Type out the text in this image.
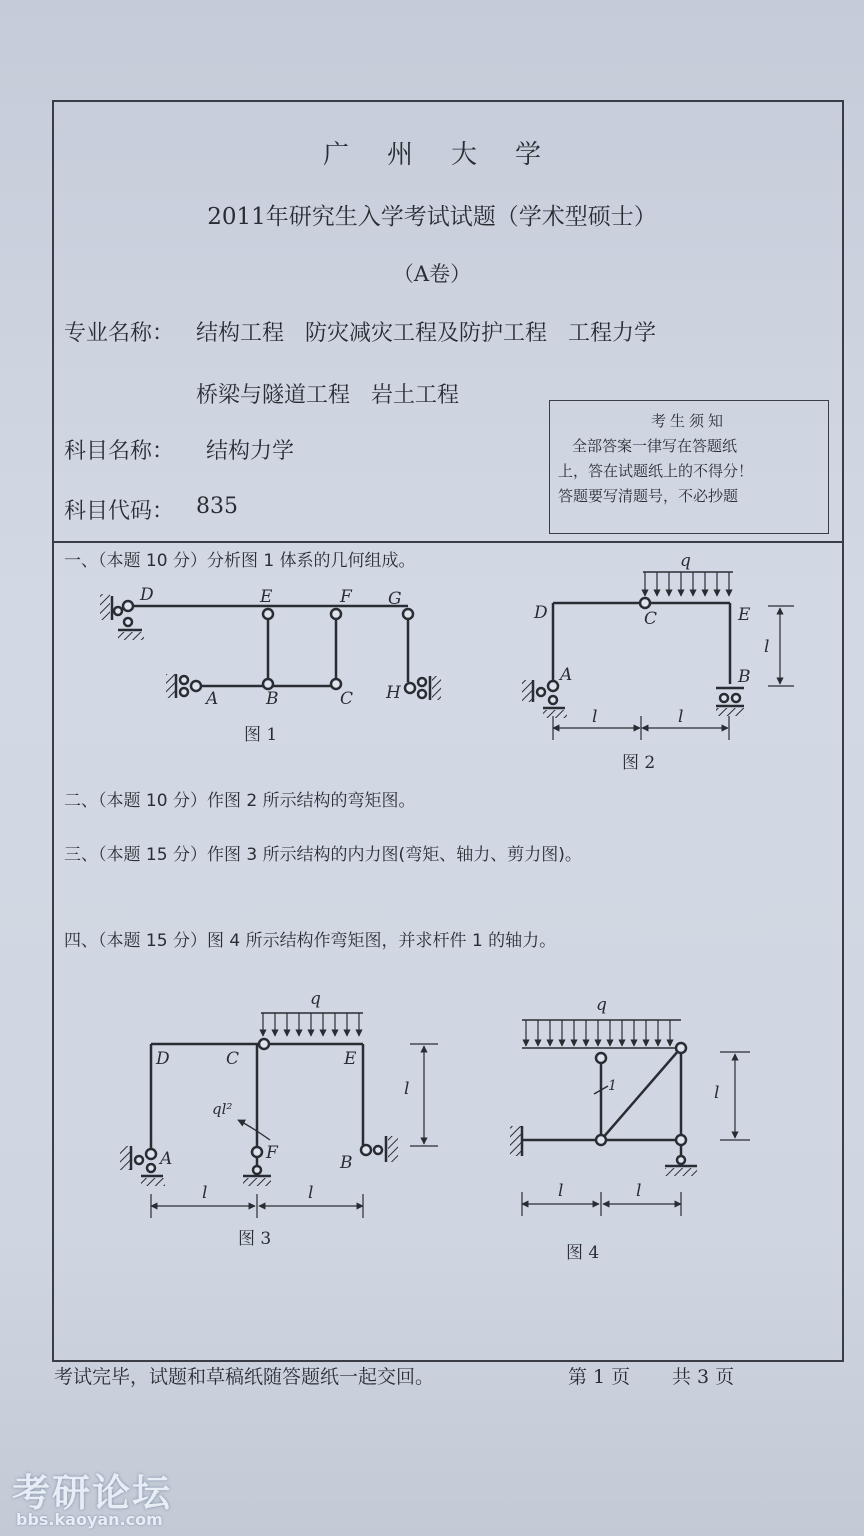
广州大学
2011年研究生入学考试试题（学术型硕士）
（A卷）
专业名称： 结构工程   防灾减灾工程及防护工程   工程力学
桥梁与隧道工程   岩土工程
科目名称： 结构力学
科目代码： 835
考生须知
全部答案一律写在答题纸
上，答在试题纸上的不得分！
答题要写清题号，不必抄题
一、（本题 10 分）分析图 1 体系的几何组成。
二、（本题 10 分）作图 2 所示结构的弯矩图。
三、（本题 15 分）作图 3 所示结构的内力图(弯矩、轴力、剪力图)。
四、（本题 15 分）图 4 所示结构作弯矩图，并求杆件 1 的轴力。
D	E	F G
A	B	C H
图 1
q
D	C	E
A	B
l	l
l
图 2
q
D	C	E
ql²
A	F	B
l	l
l
图 3
q
1
l	l
l
图 4
考试完毕，试题和草稿纸随答题纸一起交回。	第 1 页 共 3 页
考研论坛
bbs.kaoyan.com
